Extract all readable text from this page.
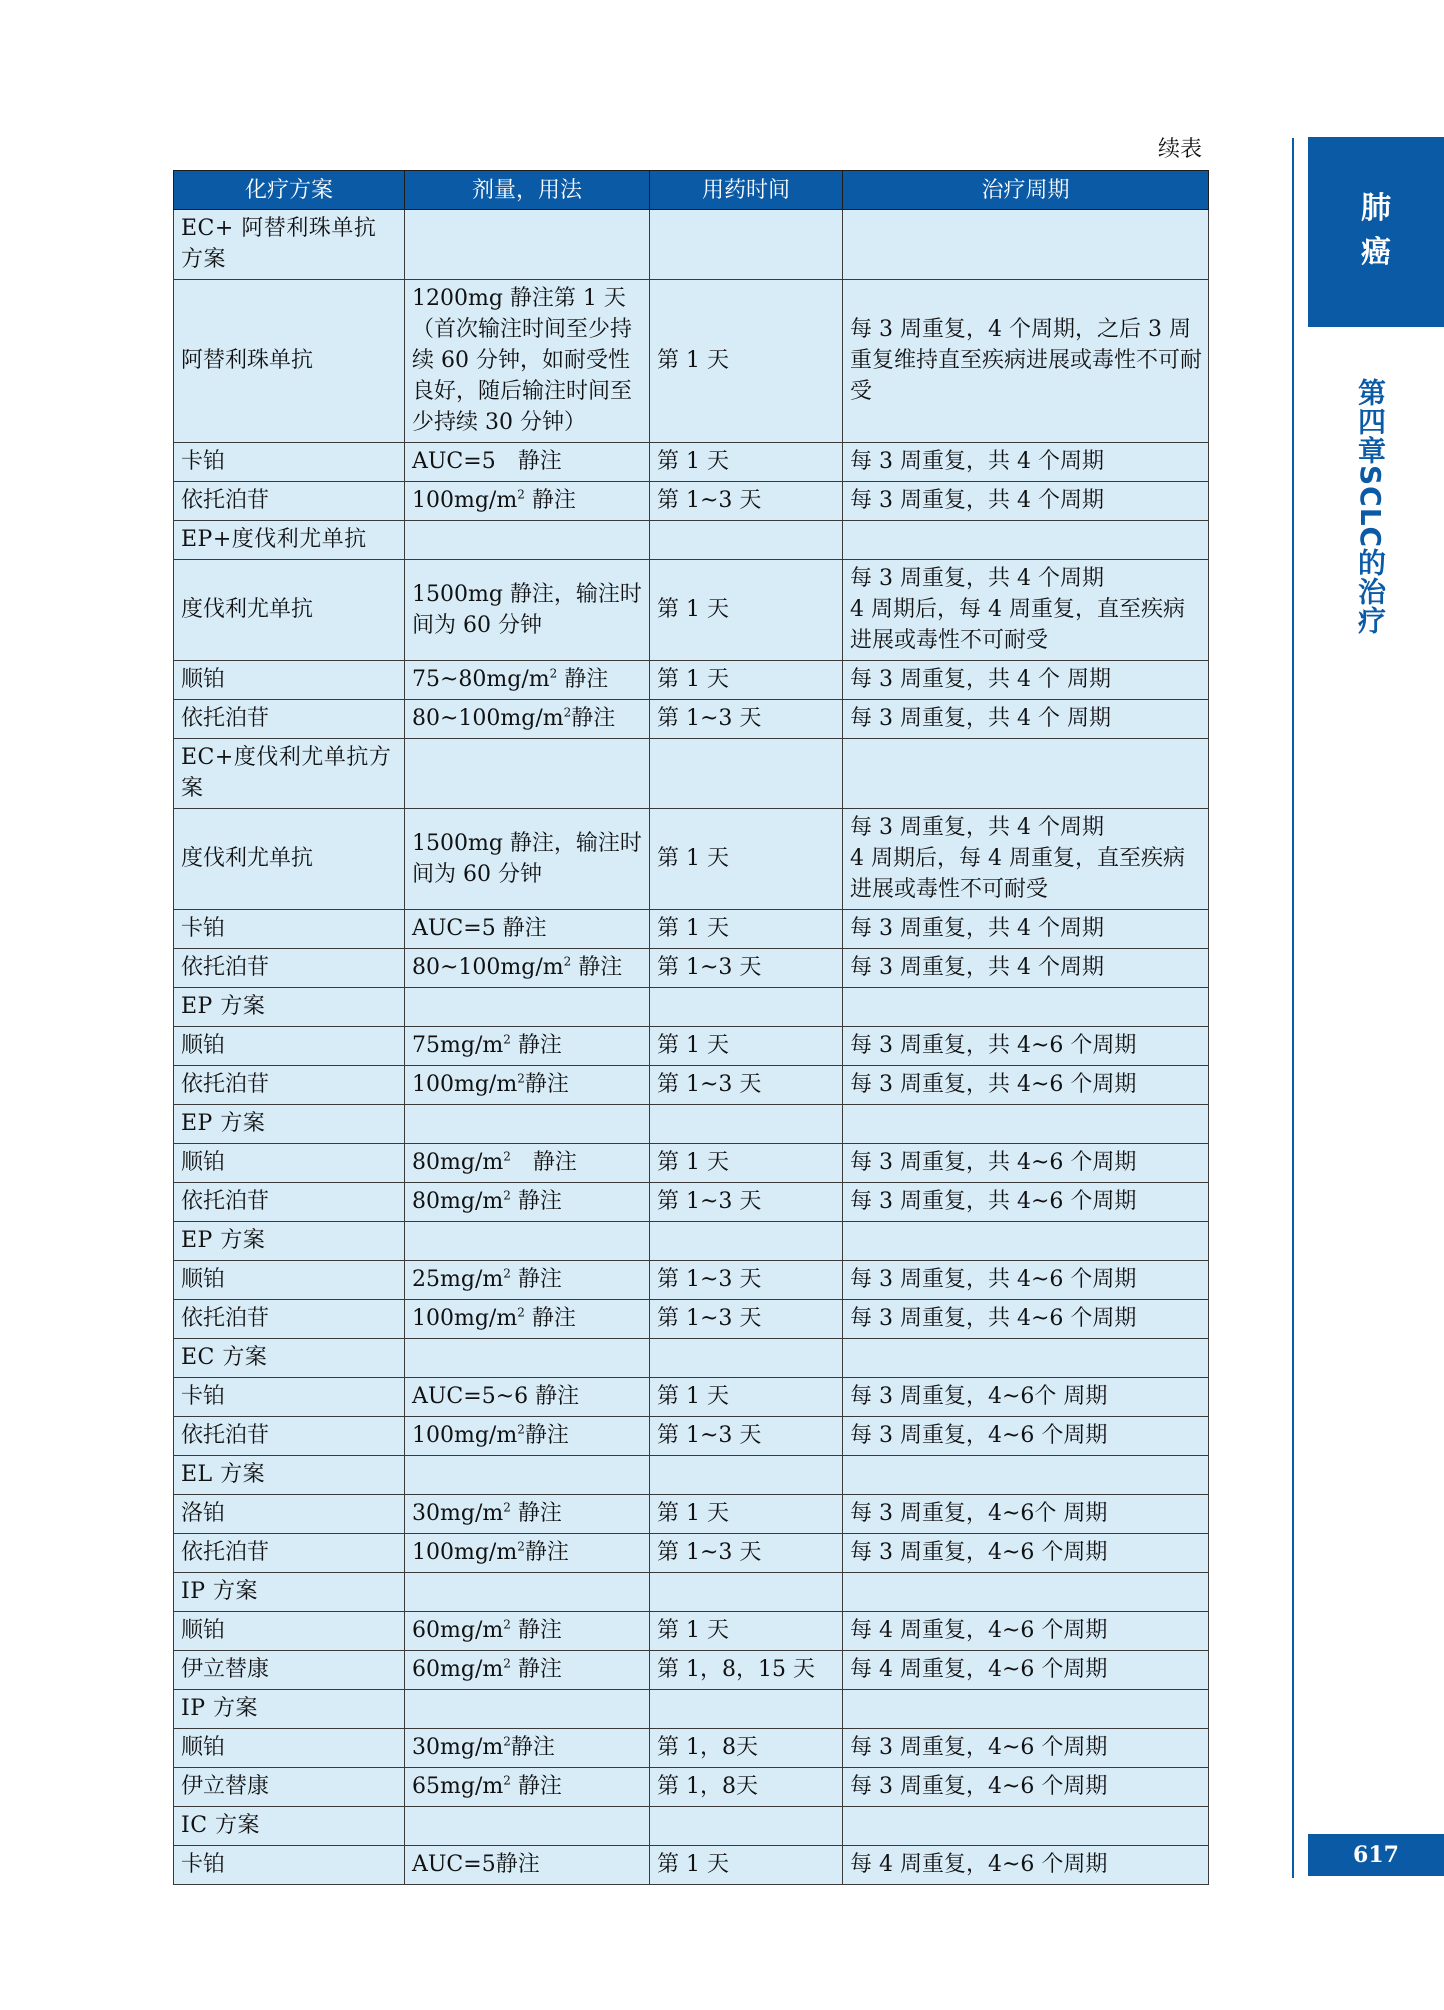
续表
化疗方案	剂量，用法	用药时间	治疗周期
EC+ 阿替利珠单抗方案			
阿替利珠单抗	1200mg 静注第 1 天（首次输注时间至少持续 60 分钟，如耐受性良好，随后输注时间至少持续 30 分钟）	第 1 天	每 3 周重复，4 个周期，之后 3 周重复维持直至疾病进展或毒性不可耐受
卡铂	AUC=5　静注	第 1 天	每 3 周重复，共 4 个周期
依托泊苷	$100mg/m^2$ 静注	第 1~3 天	每 3 周重复，共 4 个周期
EP+度伐利尤单抗			
度伐利尤单抗	1500mg 静注，输注时间为 60 分钟	第 1 天	每 3 周重复，共 4 个周期
4 周期后，每 4 周重复，直至疾病进展或毒性不可耐受
顺铂	$75\sim 80mg/m^2$ 静注	第 1 天	每 3 周重复，共 4 个 周期
依托泊苷	$80\sim 100mg/m^2$静注	第 1~3 天	每 3 周重复，共 4 个 周期
EC+度伐利尤单抗方案			
度伐利尤单抗	1500mg 静注，输注时间为 60 分钟	第 1 天	每 3 周重复，共 4 个周期
4 周期后，每 4 周重复，直至疾病进展或毒性不可耐受
卡铂	AUC=5 静注	第 1 天	每 3 周重复，共 4 个周期
依托泊苷	$80\sim 100mg/m^2$ 静注	第 1~3 天	每 3 周重复，共 4 个周期
EP 方案			
顺铂	$75mg/m^2$ 静注	第 1 天	每 3 周重复，共 4~6 个周期
依托泊苷	$100mg/m^2$静注	第 1~3 天	每 3 周重复，共 4~6 个周期
EP 方案			
顺铂	$80mg/m^2$　静注	第 1 天	每 3 周重复，共 4~6 个周期
依托泊苷	$80mg/m^2$ 静注	第 1~3 天	每 3 周重复，共 4~6 个周期
EP 方案			
顺铂	$25mg/m^2$ 静注	第 1~3 天	每 3 周重复，共 4~6 个周期
依托泊苷	$100mg/m^2$ 静注	第 1~3 天	每 3 周重复，共 4~6 个周期
EC 方案			
卡铂	AUC=5~6 静注	第 1 天	每 3 周重复，4~6个 周期
依托泊苷	$100mg/m^2$静注	第 1~3 天	每 3 周重复，4~6 个周期
EL 方案			
洛铂	$30mg/m^2$ 静注	第 1 天	每 3 周重复，4~6个 周期
依托泊苷	$100mg/m^2$静注	第 1~3 天	每 3 周重复，4~6 个周期
IP 方案			
顺铂	$60mg/m^2$ 静注	第 1 天	每 4 周重复，4~6 个周期
伊立替康	$60mg/m^2$ 静注	第 1，8，15 天	每 4 周重复，4~6 个周期
IP 方案			
顺铂	$30mg/m^2$静注	第 1，8天	每 3 周重复，4~6 个周期
伊立替康	$65mg/m^2$ 静注	第 1，8天	每 3 周重复，4~6 个周期
IC 方案			
卡铂	AUC=5静注	第 1 天	每 4 周重复，4~6 个周期
肺
癌
第四章SCLC的治疗
617
